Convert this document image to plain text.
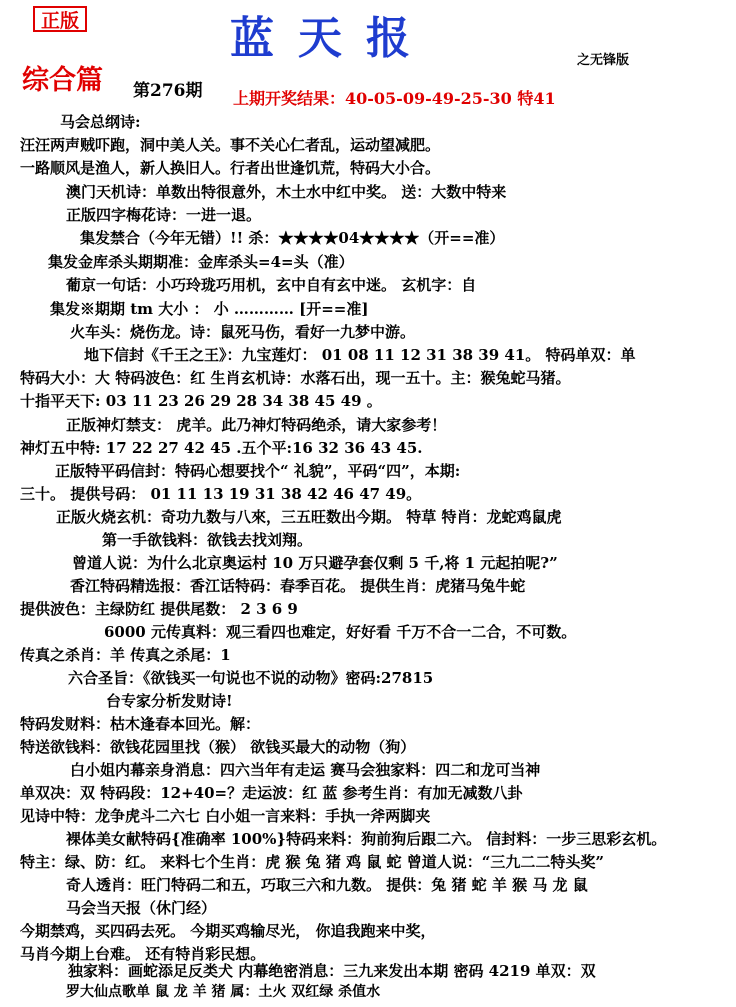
正版	蓝天报	之无锋版
综合篇 第276期 上期开奖结果：40-05-09-49-25-30 特41
马会总纲诗:
汪汪两声贼吓跑，洞中美人关。事不关心仁者乱，运动望减肥。
一路顺风是渔人，新人换旧人。行者出世逢饥荒，特码大小合。
澳门天机诗：单数出特很意外，木土水中红中奖。 送：大数中特来
正版四字梅花诗：一进一退。
集发禁合（今年无错）!! 杀：★★★★04★★★★（开==准）
集发金库杀头期期准：金库杀头=4=头（准）
葡京一句话：小巧玲珑巧用机，玄中自有玄中迷。 玄机字：自
集发※期期 tm 大小 ： 小 ………… [开==准]
火车头：烧伤龙。诗：鼠死马伤，看好一九梦中游。
地下信封《千王之王》：九宝莲灯： 01 08 11 12 31 38 39 41。 特码单双：单
特码大小：大 特码波色：红 生肖玄机诗：水落石出，现一五十。主：猴兔蛇马猪。
十指平天下: 03 11 23 26 29 28 34 38 45 49 。
正版神灯禁支： 虎羊。此乃神灯特码绝杀，请大家参考！
神灯五中特: 17 22 27 42 45 .五个平:16 32 36 43 45.
正版特平码信封：特码心想要找个“ 礼貌”，平码“四”，本期:
三十。 提供号码： 01 11 13 19 31 38 42 46 47 49。
正版火烧玄机：奇功九数与八來，三五旺数出今期。 特草 特肖：龙蛇鸡鼠虎
第一手欲钱料：欲钱去找刘翔。
曾道人说：为什么北京奥运村 10 万只避孕套仅剩 5 千,将 1 元起拍呢?”
香江特码精选报：香江话特码：春季百花。 提供生肖：虎猪马兔牛蛇
提供波色：主绿防红 提供尾数： 2 3 6 9
6000 元传真料：观三看四也难定，好好看 千万不合一二合，不可数。
传真之杀肖：羊 传真之杀尾：1
六合圣旨：《欲钱买一句说也不说的动物》密码:27815
台专家分析发财诗!
特码发财料：枯木逢春本回光。解：
特送欲钱料：欲钱花园里找（猴） 欲钱买最大的动物（狗）
白小姐内幕亲身消息：四六当年有走运 赛马会独家料：四二和龙可当神
单双决：双 特码段：12+40=？走运波：红 蓝 参考生肖：有加无减数八卦
见诗中特：龙争虎斗二六七 白小姐一言来料：手执一斧两脚夹
裸体美女献特码{准确率 100%}特码来料：狗前狗后跟二六。 信封料：一步三思彩玄机。
特主：绿、防：红。 来料七个生肖：虎 猴 兔 猪 鸡 鼠 蛇 曾道人说：“三九二二特头奖”
奇人透肖：旺门特码二和五，巧取三六和九数。 提供：兔 猪 蛇 羊 猴 马 龙 鼠
马会当天报（休门经）
今期禁鸡，买四码去死。 今期买鸡输尽光， 你追我跑来中奖，
马肖今期上台难。 还有特肖彩民想。
独家料：画蛇添足反类犬 内幕绝密消息：三九来发出本期 密码 4219 单双：双
罗大仙点歌单 鼠 龙 羊 猪 属：土火 双红绿 杀值水
